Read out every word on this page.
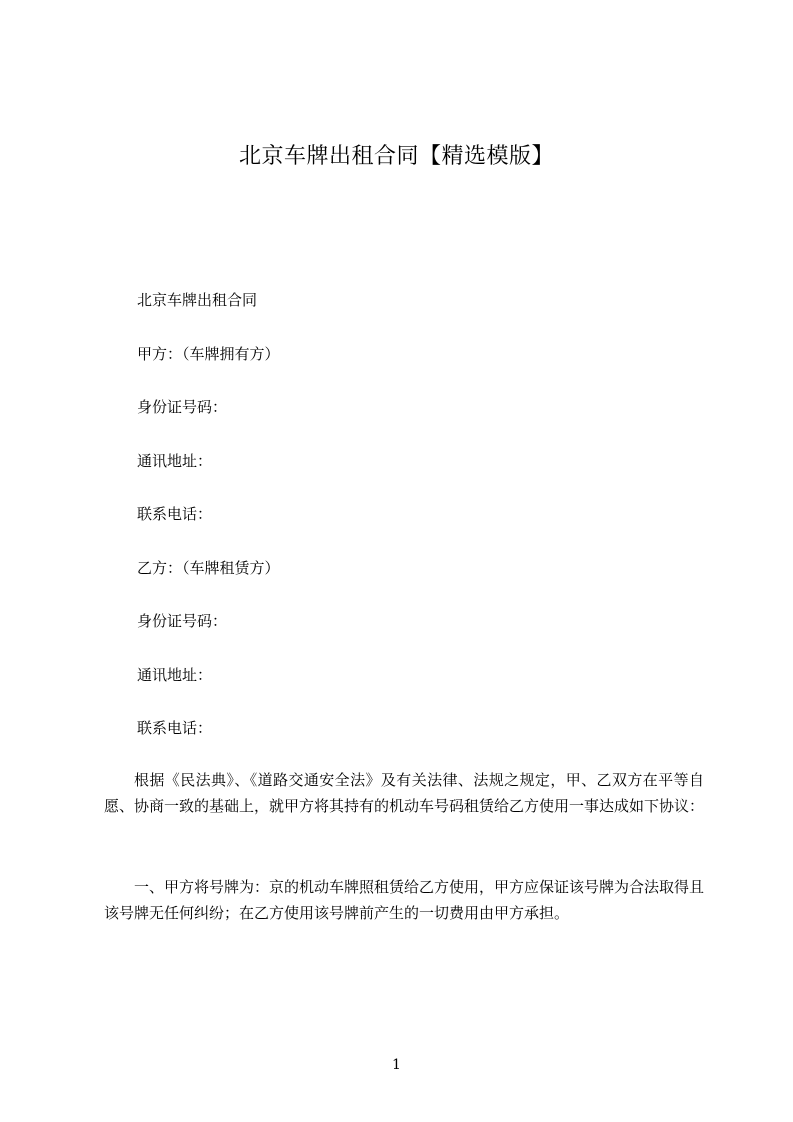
北京车牌出租合同【精选模版】

北京车牌出租合同

甲方：（车牌拥有方）

身份证号码：

通讯地址：

联系电话：

乙方：（车牌租赁方）

身份证号码：

通讯地址：

联系电话：

根据《民法典》、《道路交通安全法》及有关法律、法规之规定，甲、乙双方在平等自愿、协商一致的基础上，就甲方将其持有的机动车号码租赁给乙方使用一事达成如下协议：

一、甲方将号牌为：京的机动车牌照租赁给乙方使用，甲方应保证该号牌为合法取得且该号牌无任何纠纷；在乙方使用该号牌前产生的一切费用由甲方承担。

1
